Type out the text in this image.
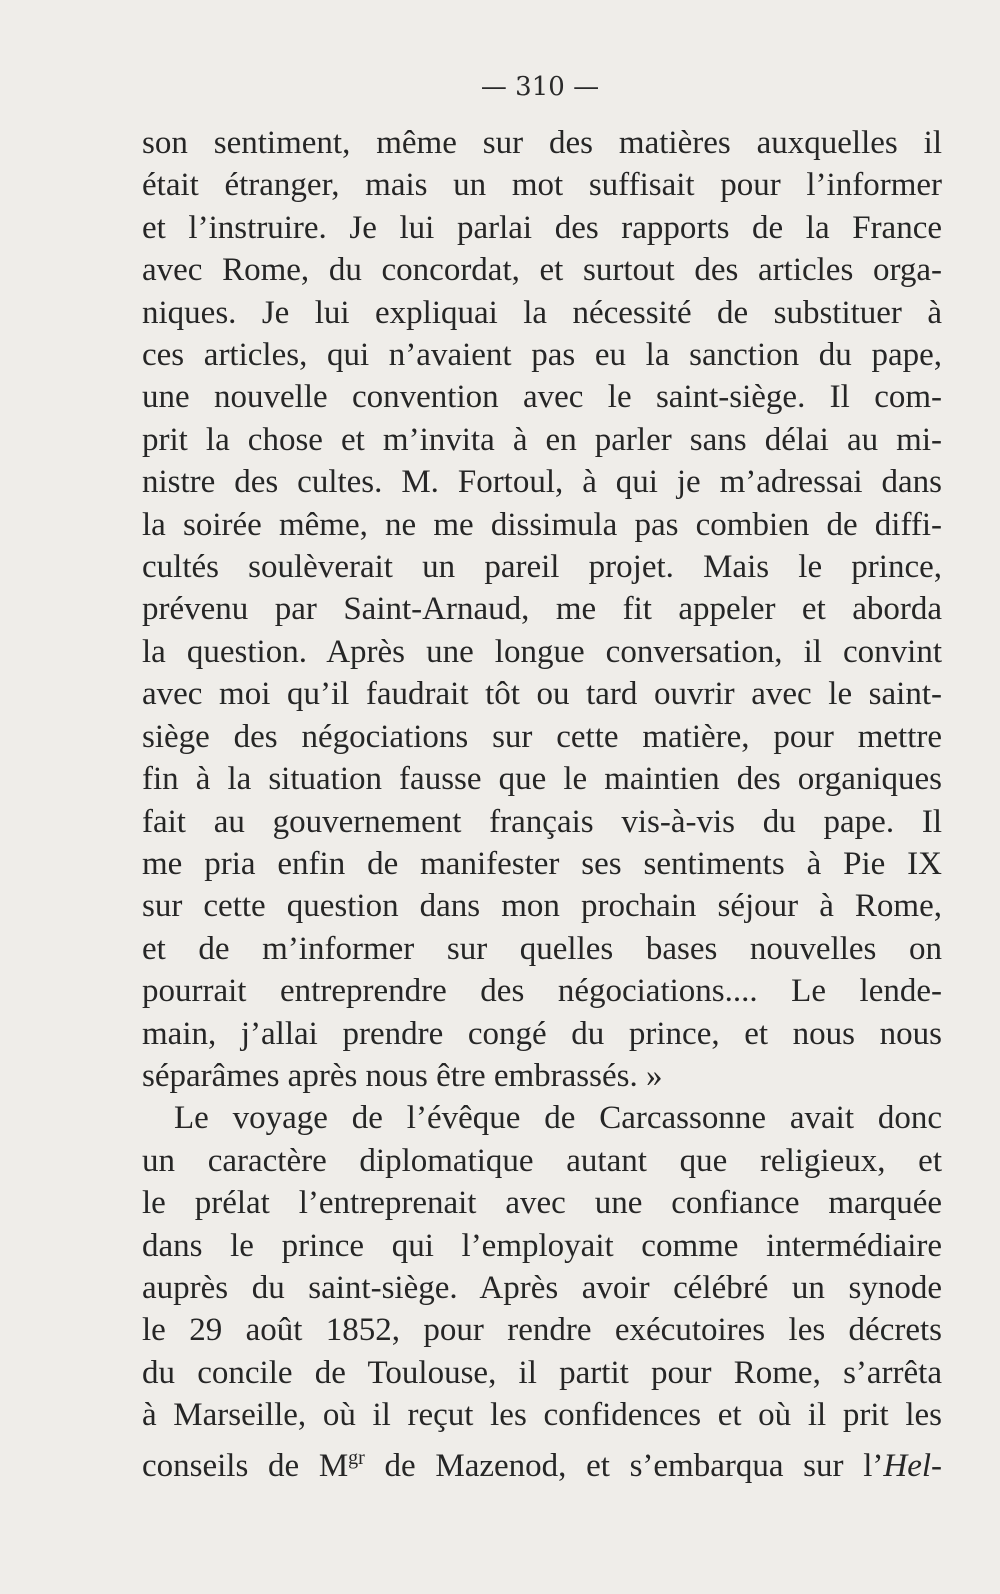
— 310 —
son sentiment, même sur des matières auxquelles il
était étranger, mais un mot suffisait pour l’informer
et l’instruire. Je lui parlai des rapports de la France
avec Rome, du concordat, et surtout des articles orga-
niques. Je lui expliquai la nécessité de substituer à
ces articles, qui n’avaient pas eu la sanction du pape,
une nouvelle convention avec le saint-siège. Il com-
prit la chose et m’invita à en parler sans délai au mi-
nistre des cultes. M. Fortoul, à qui je m’adressai dans
la soirée même, ne me dissimula pas combien de diffi-
cultés soulèverait un pareil projet. Mais le prince,
prévenu par Saint-Arnaud, me fit appeler et aborda
la question. Après une longue conversation, il convint
avec moi qu’il faudrait tôt ou tard ouvrir avec le saint-
siège des négociations sur cette matière, pour mettre
fin à la situation fausse que le maintien des organiques
fait au gouvernement français vis-à-vis du pape. Il
me pria enfin de manifester ses sentiments à Pie IX
sur cette question dans mon prochain séjour à Rome,
et de m’informer sur quelles bases nouvelles on
pourrait entreprendre des négociations.... Le lende-
main, j’allai prendre congé du prince, et nous nous
séparâmes après nous être embrassés. »
Le voyage de l’évêque de Carcassonne avait donc
un caractère diplomatique autant que religieux, et
le prélat l’entreprenait avec une confiance marquée
dans le prince qui l’employait comme intermédiaire
auprès du saint-siège. Après avoir célébré un synode
le 29 août 1852, pour rendre exécutoires les décrets
du concile de Toulouse, il partit pour Rome, s’arrêta
à Marseille, où il reçut les confidences et où il prit les
conseils de $M^{gr}$ de Mazenod, et s’embarqua sur l’Hel-
